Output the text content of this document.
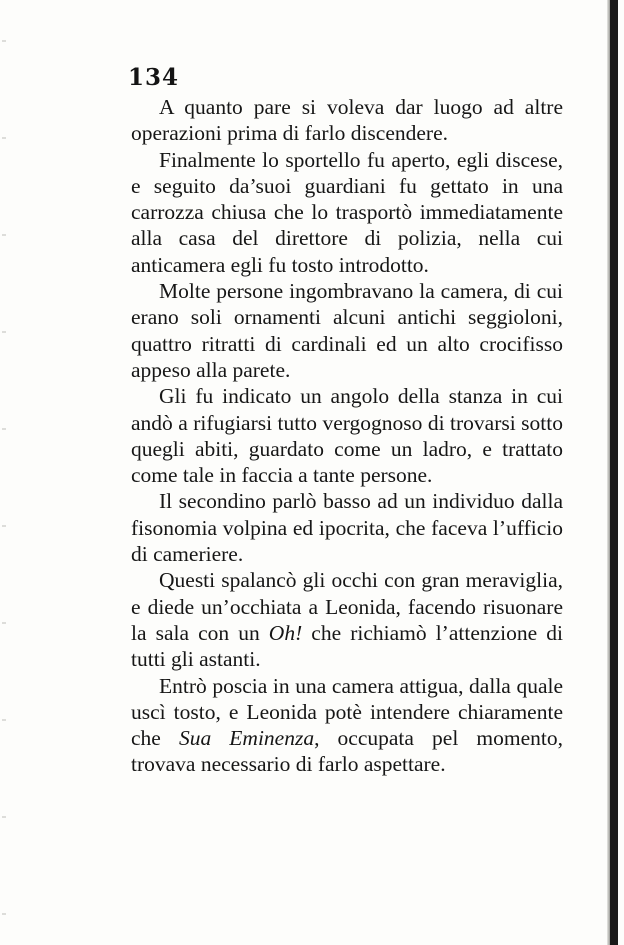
134

A quanto pare si voleva dar luogo ad altre operazioni prima di farlo discendere.

Finalmente lo sportello fu aperto, egli discese, e seguito da’suoi guardiani fu gettato in una carrozza chiusa che lo trasportò immediatamente alla casa del direttore di polizia, nella cui anticamera egli fu tosto introdotto.

Molte persone ingombravano la camera, di cui erano soli ornamenti alcuni antichi seggioloni, quattro ritratti di cardinali ed un alto crocifisso appeso alla parete.

Gli fu indicato un angolo della stanza in cui andò a rifugiarsi tutto vergognoso di trovarsi sotto quegli abiti, guardato come un ladro, e trattato come tale in faccia a tante persone.

Il secondino parlò basso ad un individuo dalla fisonomia volpina ed ipocrita, che faceva l’ufficio di cameriere.

Questi spalancò gli occhi con gran meraviglia, e diede un’occhiata a Leonida, facendo risuonare la sala con un Oh! che richiamò l’attenzione di tutti gli astanti.

Entrò poscia in una camera attigua, dalla quale uscì tosto, e Leonida potè intendere chiaramente che Sua Eminenza, occupata pel momento, trovava necessario di farlo aspettare.
